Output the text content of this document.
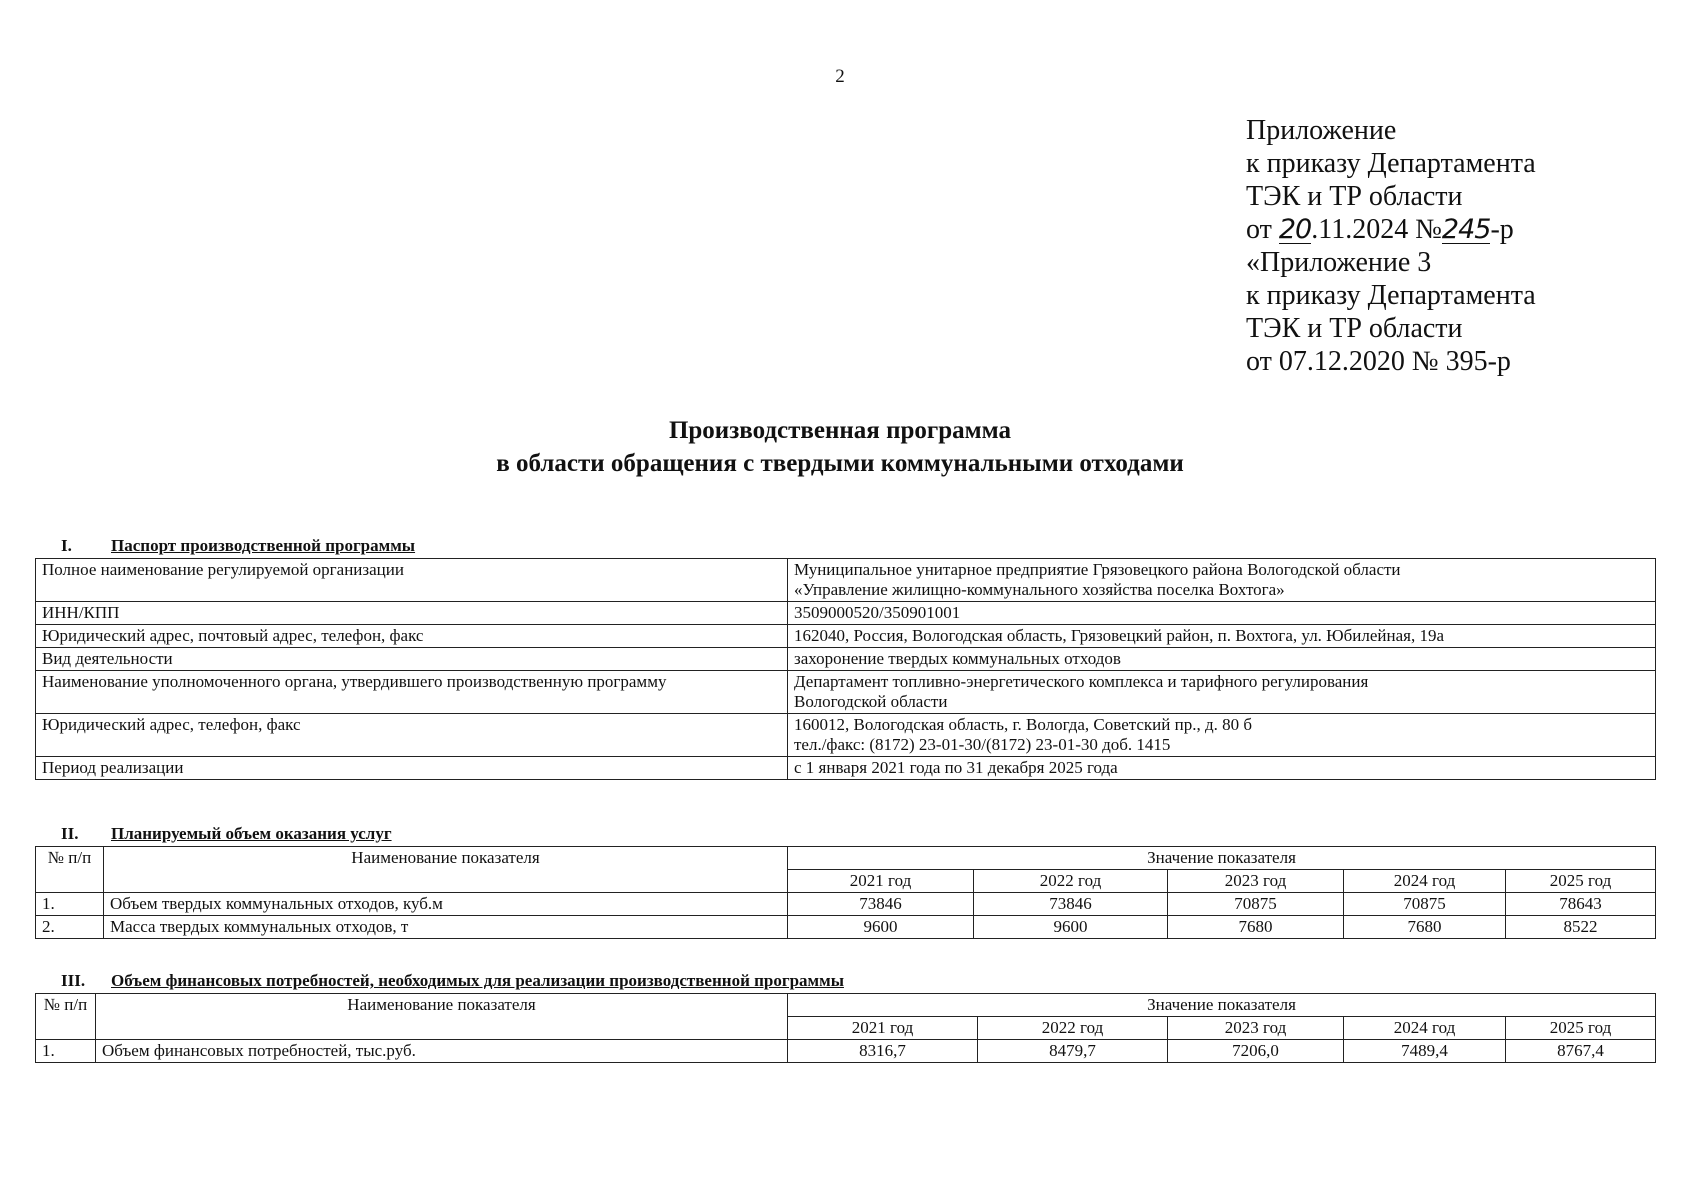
2
Приложение
к приказу Департамента
ТЭК и ТР области
от 20.11.2024 №245-р
«Приложение 3
к приказу Департамента
ТЭК и ТР области
от 07.12.2020 № 395-р
Производственная программа
в области обращения с твердыми коммунальными отходами
I. Паспорт производственной программы
Полное наименование регулируемой организации	Муниципальное унитарное предприятие Грязовецкого района Вологодской области
«Управление жилищно-коммунального хозяйства поселка Вохтога»

ИНН/КПП	3509000520/350901001
Юридический адрес, почтовый адрес, телефон, факс	162040, Россия, Вологодская область, Грязовецкий район, п. Вохтога, ул. Юбилейная, 19а
Вид деятельности	захоронение твердых коммунальных отходов
Наименование уполномоченного органа, утвердившего производственную программу	Департамент топливно-энергетического комплекса и тарифного регулирования
Вологодской области

Юридический адрес, телефон, факс	160012, Вологодская область, г. Вологда, Советский пр., д. 80 б
тел./факс: (8172) 23-01-30/(8172) 23-01-30 доб. 1415

Период реализации	с 1 января 2021 года по 31 декабря 2025 года
II. Планируемый объем оказания услуг
№ п/п	Наименование показателя	Значение показателя				
		2021 год	2022 год	2023 год	2024 год	2025 год
1.	Объем твердых коммунальных отходов, куб.м	73846	73846	70875	70875	78643
2.	Масса твердых коммунальных отходов, т	9600	9600	7680	7680	8522
III. Объем финансовых потребностей, необходимых для реализации производственной программы
№ п/п	Наименование показателя	Значение показателя				
		2021 год	2022 год	2023 год	2024 год	2025 год
1.	Объем финансовых потребностей, тыс.руб.	8316,7	8479,7	7206,0	7489,4	8767,4
